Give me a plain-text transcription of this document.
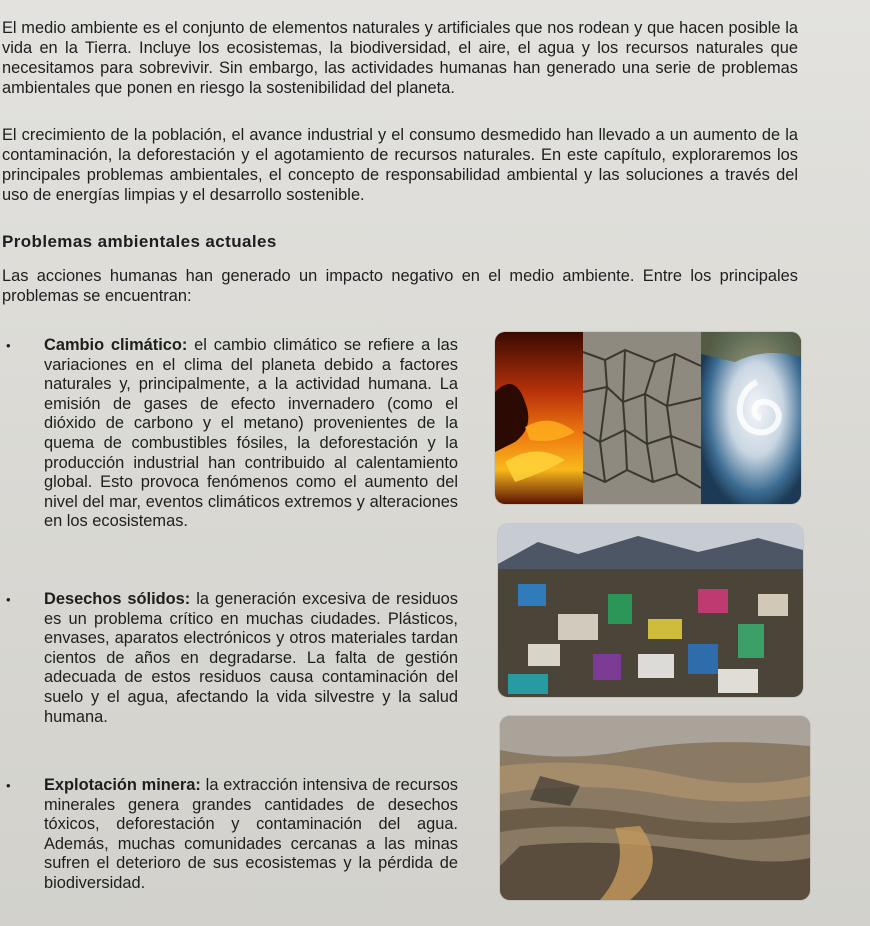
El medio ambiente es el conjunto de elementos naturales y artificiales que nos rodean y que hacen posible la vida en la Tierra. Incluye los ecosistemas, la biodiversidad, el aire, el agua y los recursos naturales que necesitamos para sobrevivir. Sin embargo, las actividades humanas han generado una serie de problemas ambientales que ponen en riesgo la sostenibilidad del planeta.

El crecimiento de la población, el avance industrial y el consumo desmedido han llevado a un aumento de la contaminación, la deforestación y el agotamiento de recursos naturales. En este capítulo, exploraremos los principales problemas ambientales, el concepto de responsabilidad ambiental y las soluciones a través del uso de energías limpias y el desarrollo sostenible.

Problemas ambientales actuales

Las acciones humanas han generado un impacto negativo en el medio ambiente. Entre los principales problemas se encuentran:

• Cambio climático: el cambio climático se refiere a las variaciones en el clima del planeta debido a factores naturales y, principalmente, a la actividad humana. La emisión de gases de efecto invernadero (como el dióxido de carbono y el metano) provenientes de la quema de combustibles fósiles, la deforestación y la producción industrial han contribuido al calentamiento global. Esto provoca fenómenos como el aumento del nivel del mar, eventos climáticos extremos y alteraciones en los ecosistemas.

• Desechos sólidos: la generación excesiva de residuos es un problema crítico en muchas ciudades. Plásticos, envases, aparatos electrónicos y otros materiales tardan cientos de años en degradarse. La falta de gestión adecuada de estos residuos causa contaminación del suelo y el agua, afectando la vida silvestre y la salud humana.

• Explotación minera: la extracción intensiva de recursos minerales genera grandes cantidades de desechos tóxicos, deforestación y contaminación del agua. Además, muchas comunidades cercanas a las minas sufren el deterioro de sus ecosistemas y la pérdida de biodiversidad.
